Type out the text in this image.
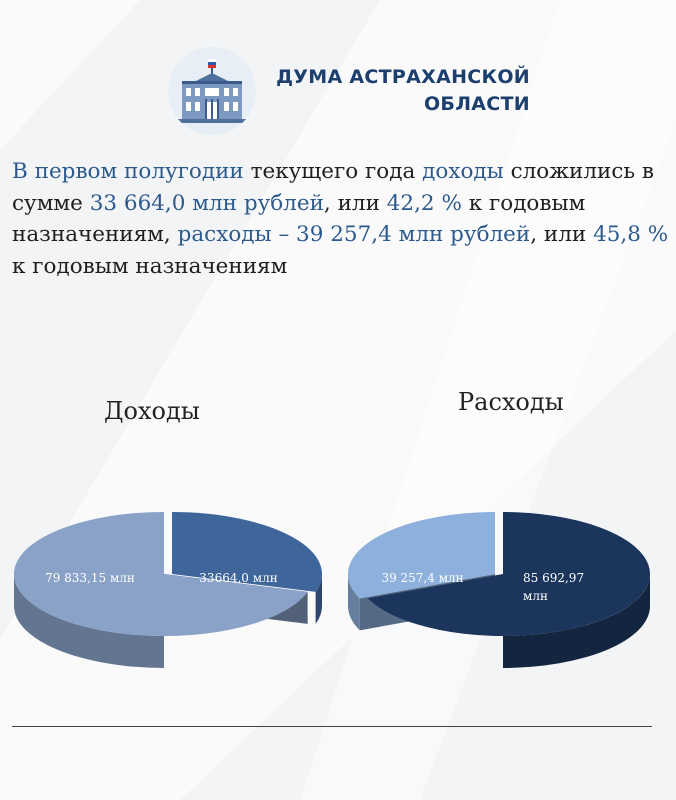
ДУМА АСТРАХАНСКОЙ
ОБЛАСТИ
В первом полугодии текущего года доходы сложились в сумме 33 664,0 млн рублей, или 42,2 % к годовым назначениям, расходы – 39 257,4 млн рублей, или 45,8 % к годовым назначениям
Доходы	Расходы
79 833,15 млн	33664,0 млн	39 257,4 млн	85 692,97
млн
